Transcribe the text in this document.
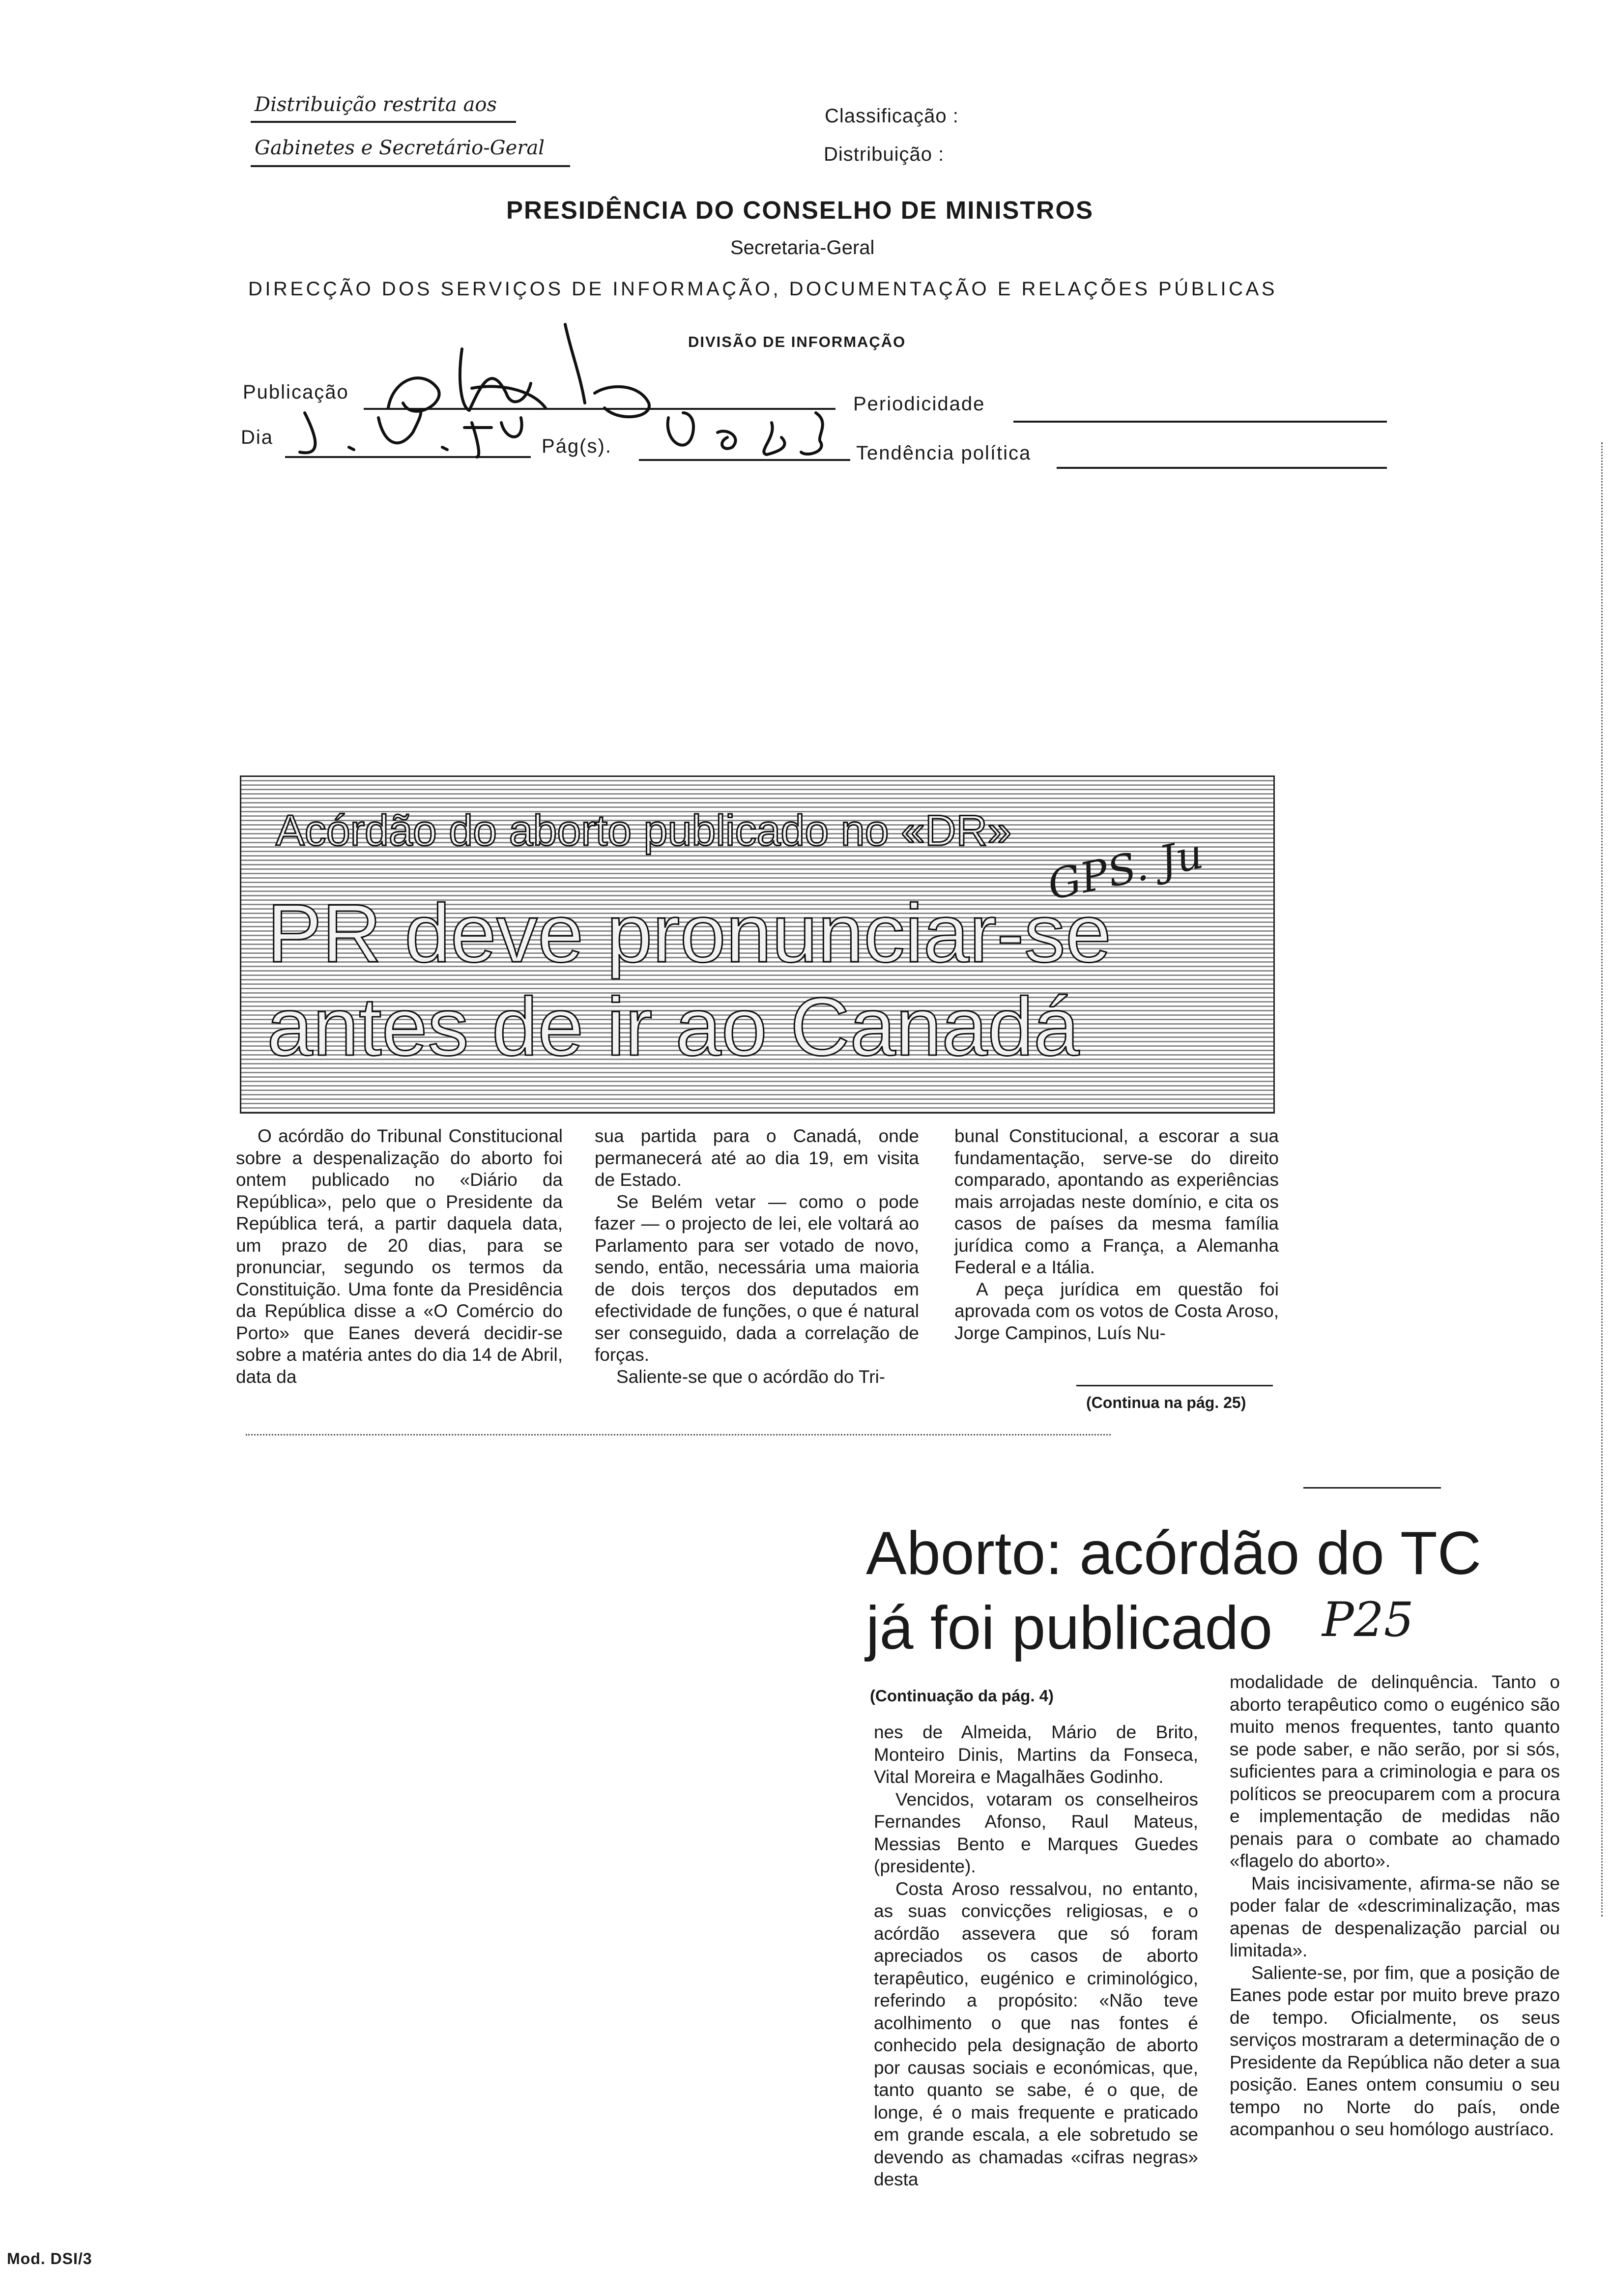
Distribuição restrita aos
Gabinetes e Secretário-Geral
Classificação :
Distribuição :
PRESIDÊNCIA DO CONSELHO DE MINISTROS
Secretaria-Geral
DIRECÇÃO DOS SERVIÇOS DE INFORMAÇÃO, DOCUMENTAÇÃO E RELAÇÕES PÚBLICAS
DIVISÃO DE INFORMAÇÃO
Publicação
Periodicidade
Dia	Pág(s).	Tendência política
Acórdão do aborto publicado no «DR»
PR deve pronunciar-se
antes de ir ao Canadá
GPS. Ju

O acórdão do Tribunal Constitucional sobre a despenalização do aborto foi ontem publicado no «Diário da República», pelo que o Presidente da República terá, a partir daquela data, um prazo de 20 dias, para se pronunciar, segundo os termos da Constituição. Uma fonte da Presidência da República disse a «O Comércio do Porto» que Eanes deverá decidir-se sobre a matéria antes do dia 14 de Abril, data da

sua partida para o Canadá, onde permanecerá até ao dia 19, em visita de Estado.

Se Belém vetar — como o pode fazer — o projecto de lei, ele voltará ao Parlamento para ser votado de novo, sendo, então, necessária uma maioria de dois terços dos deputados em efectividade de funções, o que é natural ser conseguido, dada a correlação de forças.

Saliente-se que o acórdão do Tri-

bunal Constitucional, a escorar a sua fundamentação, serve-se do direito comparado, apontando as experiências mais arrojadas neste domínio, e cita os casos de países da mesma família jurídica como a França, a Alemanha Federal e a Itália.

A peça jurídica em questão foi aprovada com os votos de Costa Aroso, Jorge Campinos, Luís Nu-

(Continua na pág. 25)
Aborto: acórdão do TC
já foi publicado P25
(Continuação da pág. 4)

nes de Almeida, Mário de Brito, Monteiro Dinis, Martins da Fonseca, Vital Moreira e Magalhães Godinho.

Vencidos, votaram os conselheiros Fernandes Afonso, Raul Mateus, Messias Bento e Marques Guedes (presidente).

Costa Aroso ressalvou, no entanto, as suas convicções religiosas, e o acórdão assevera que só foram apreciados os casos de aborto terapêutico, eugénico e criminológico, referindo a propósito: «Não teve acolhimento o que nas fontes é conhecido pela designação de aborto por causas sociais e económicas, que, tanto quanto se sabe, é o que, de longe, é o mais frequente e praticado em grande escala, a ele sobretudo se devendo as chamadas «cifras negras» desta

modalidade de delinquência. Tanto o aborto terapêutico como o eugénico são muito menos frequentes, tanto quanto se pode saber, e não serão, por si sós, suficientes para a criminologia e para os políticos se preocuparem com a procura e implementação de medidas não penais para o combate ao chamado «flagelo do aborto».

Mais incisivamente, afirma-se não se poder falar de «descriminalização, mas apenas de despenalização parcial ou limitada».

Saliente-se, por fim, que a posição de Eanes pode estar por muito breve prazo de tempo. Oficialmente, os seus serviços mostraram a determinação de o Presidente da República não deter a sua posição. Eanes ontem consumiu o seu tempo no Norte do país, onde acompanhou o seu homólogo austríaco.

Mod. DSI/3
